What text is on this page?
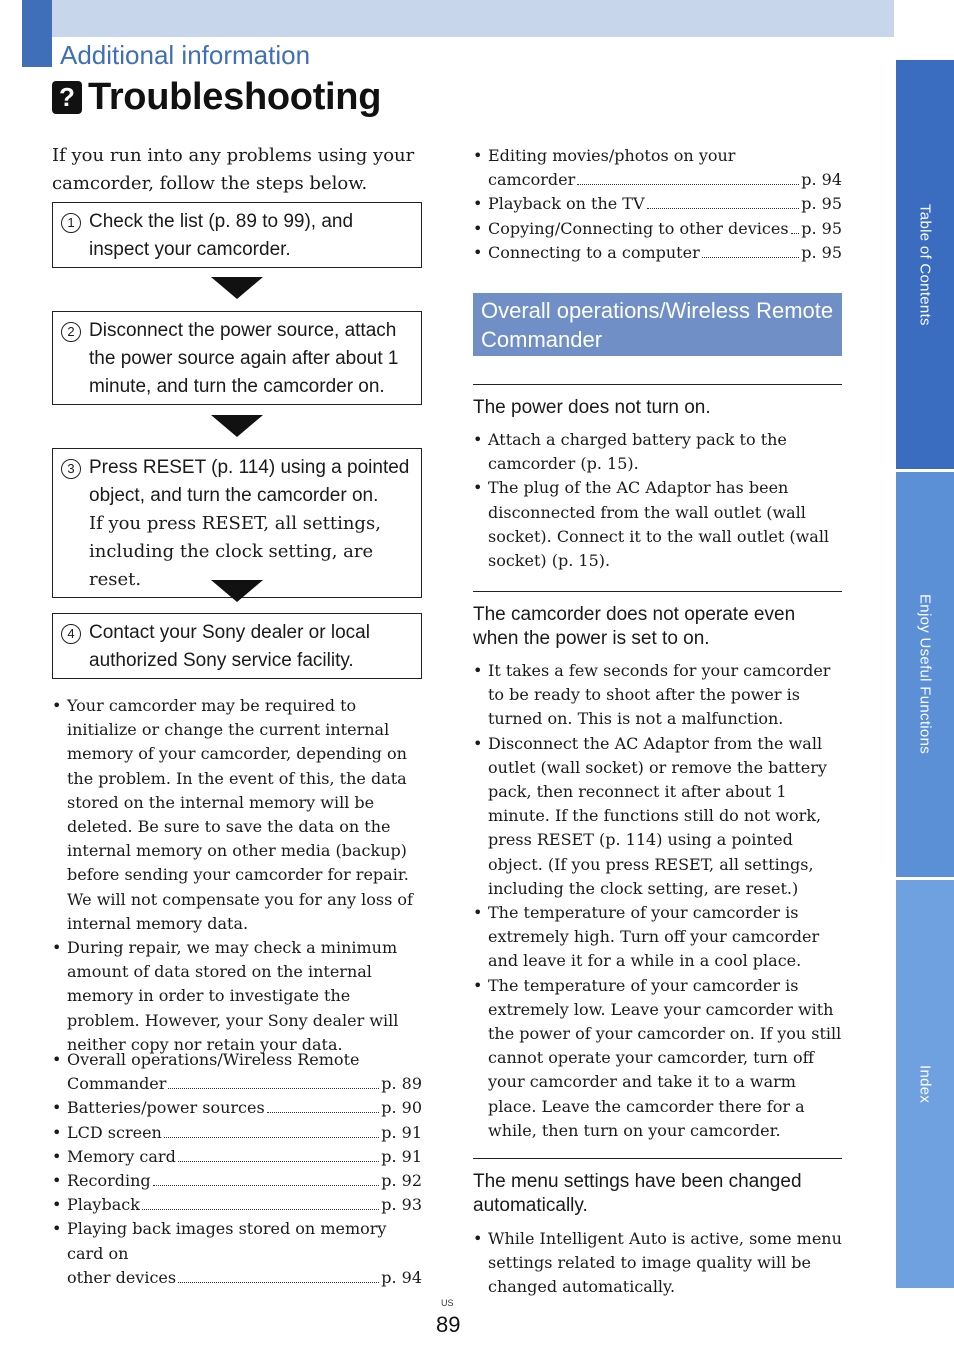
Additional information
? Troubleshooting

If you run into any problems using your camcorder, follow the steps below.

1 Check the list (p. 89 to 99), and inspect your camcorder.
2 Disconnect the power source, attach the power source again after about 1 minute, and turn the camcorder on.
3 Press RESET (p. 114) using a pointed object, and turn the camcorder on.
If you press RESET, all settings, including the clock setting, are reset.
4 Contact your Sony dealer or local authorized Sony service facility.
• Your camcorder may be required to initialize or change the current internal memory of your camcorder, depending on the problem. In the event of this, the data stored on the internal memory will be deleted. Be sure to save the data on the internal memory on other media (backup) before sending your camcorder for repair. We will not compensate you for any loss of internal memory data.
• During repair, we may check a minimum amount of data stored on the internal memory in order to investigate the problem. However, your Sony dealer will neither copy nor retain your data.
• Overall operations/Wireless Remote
Commander	p. 89
• Batteries/power sources	p. 90
• LCD screen	p. 91
• Memory card	p. 91
• Recording	p. 92
• Playback	p. 93
• Playing back images stored on memory card on
other devices	p. 94
• Editing movies/photos on your
camcorder	p. 94
• Playback on the TV	p. 95
• Copying/Connecting to other devices p. 95
• Connecting to a computer	p. 95
Overall operations/Wireless Remote Commander
The power does not turn on.
• Attach a charged battery pack to the camcorder (p. 15).
• The plug of the AC Adaptor has been disconnected from the wall outlet (wall socket). Connect it to the wall outlet (wall socket) (p. 15).
The camcorder does not operate even when the power is set to on.
• It takes a few seconds for your camcorder to be ready to shoot after the power is turned on. This is not a malfunction.
• Disconnect the AC Adaptor from the wall outlet (wall socket) or remove the battery pack, then reconnect it after about 1 minute. If the functions still do not work, press RESET (p. 114) using a pointed object. (If you press RESET, all settings, including the clock setting, are reset.)
• The temperature of your camcorder is extremely high. Turn off your camcorder and leave it for a while in a cool place.
• The temperature of your camcorder is extremely low. Leave your camcorder with the power of your camcorder on. If you still cannot operate your camcorder, turn off your camcorder and take it to a warm place. Leave the camcorder there for a while, then turn on your camcorder.
The menu settings have been changed automatically.
• While Intelligent Auto is active, some menu settings related to image quality will be changed automatically.
US
89
Table of Contents
Enjoy Useful Functions
Index
